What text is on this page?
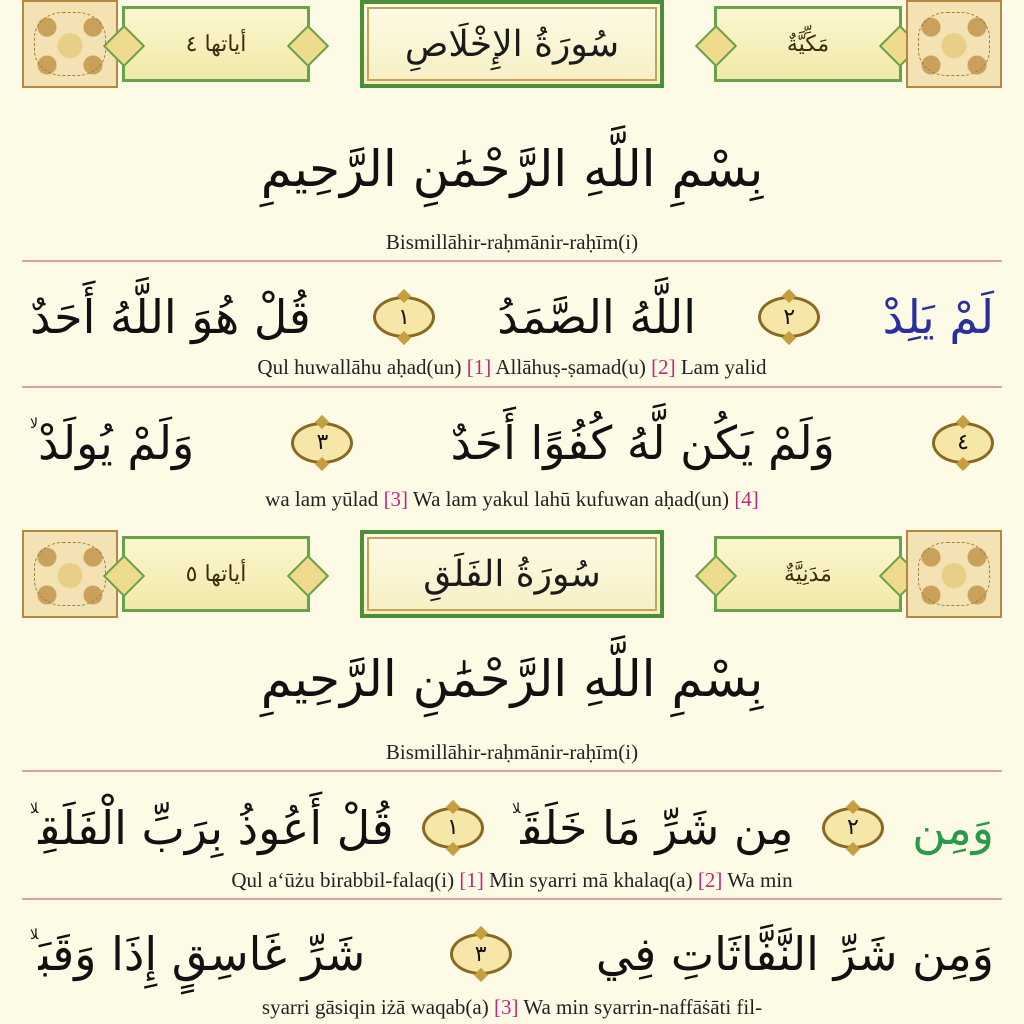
أياتها ٤	سُورَةُ الإِخْلَاصِ	مَكِّيَّةٌ
بِسْمِ اللَّهِ الرَّحْمَٰنِ الرَّحِيمِ
Bismillāhir-raḥmānir-raḥīm(i)
قُلْ هُوَ اللَّهُ أَحَدٌ	١	اللَّهُ الصَّمَدُ	٢	لَمْ يَلِدْ
Qul huwallāhu aḥad(un) [1] Allāhuṣ-ṣamad(u) [2] Lam yalid
وَلَمْ يُولَدْ$^{لا}$
٣	وَلَمْ يَكُن لَّهُ كُفُوًا أَحَدٌ	٤
wa lam yūlad [3] Wa lam yakul lahū kufuwan aḥad(un) [4]
أياتها ٥	سُورَةُ الفَلَقِ	مَدَنِيَّةٌ
بِسْمِ اللَّهِ الرَّحْمَٰنِ الرَّحِيمِ
Bismillāhir-raḥmānir-raḥīm(i)
قُلْ أَعُوذُ بِرَبِّ الْفَلَقِ$^{لا}$
١	مِن شَرِّ مَا خَلَقَ$^{لا}$
٢	وَمِن
Qul a‘ūżu birabbil-falaq(i) [1] Min syarri mā khalaq(a) [2] Wa min
شَرِّ غَاسِقٍ إِذَا وَقَبَ$^{لا}$
٣	وَمِن شَرِّ النَّفَّاثَاتِ فِي
syarri gāsiqin iżā waqab(a) [3] Wa min syarrin-naffāṡāti fil-
